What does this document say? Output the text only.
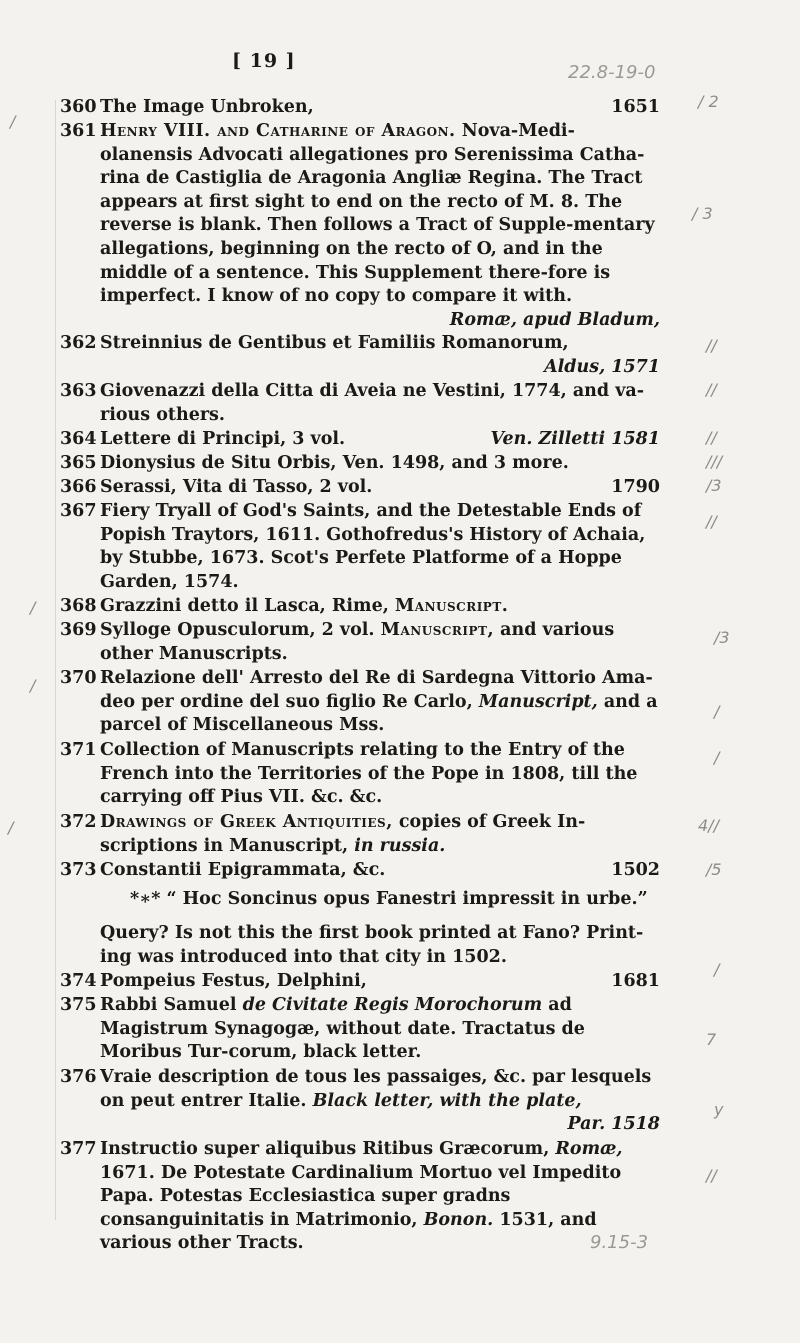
[ 19 ]
22.8-19-0
360 The Image Unbroken,	1651
361 Henry VIII. and Catharine of Aragon. Nova-Medi-olanensis Advocati allegationes pro Serenissima Catha-rina de Castiglia de Aragonia Angliæ Regina. The Tract appears at first sight to end on the recto of M. 8. The reverse is blank. Then follows a Tract of Supple-mentary allegations, beginning on the recto of O, and in the middle of a sentence. This Supplement there-fore is imperfect. I know of no copy to compare it with.
Romæ, apud Bladum,
362 Streinnius de Gentibus et Familiis Romanorum,
Aldus, 1571
363 Giovenazzi della Citta di Aveia ne Vestini, 1774, and va-rious others.
364 Lettere di Principi, 3 vol.	Ven. Zilletti 1581
365 Dionysius de Situ Orbis, Ven. 1498, and 3 more.
366 Serassi, Vita di Tasso, 2 vol.	1790
367 Fiery Tryall of God's Saints, and the Detestable Ends of Popish Traytors, 1611. Gothofredus's History of Achaia, by Stubbe, 1673. Scot's Perfete Platforme of a Hoppe Garden, 1574.
368 Grazzini detto il Lasca, Rime, Manuscript.
369 Sylloge Opusculorum, 2 vol. Manuscript, and various other Manuscripts.
370 Relazione dell' Arresto del Re di Sardegna Vittorio Ama-deo per ordine del suo figlio Re Carlo, Manuscript, and a parcel of Miscellaneous Mss.
371 Collection of Manuscripts relating to the Entry of the French into the Territories of the Pope in 1808, till the carrying off Pius VII. &c. &c.
372 Drawings of Greek Antiquities, copies of Greek In-scriptions in Manuscript, in russia.
373 Constantii Epigrammata, &c.	1502
*∗* “ Hoc Soncinus opus Fanestri impressit in urbe.”
Query? Is not this the first book printed at Fano? Print-ing was introduced into that city in 1502.
374 Pompeius Festus, Delphini,	1681
375 Rabbi Samuel de Civitate Regis Morochorum ad Magistrum Synagogæ, without date. Tractatus de Moribus Tur-corum, black letter.
376 Vraie description de tous les passaiges, &c. par lesquels on peut entrer Italie. Black letter, with the plate,
Par. 1518
377 Instructio super aliquibus Ritibus Græcorum, Romæ, 1671. De Potestate Cardinalium Mortuo vel Impedito Papa. Potestas Ecclesiastica super gradns consanguinitatis in Matrimonio, Bonon. 1531, and various other Tracts.
/ 2
/ 3
//
//
//
///
/3
//
/3
/
/
4//
/5
/
7
y
//
/
/
/
/
9.15-3
